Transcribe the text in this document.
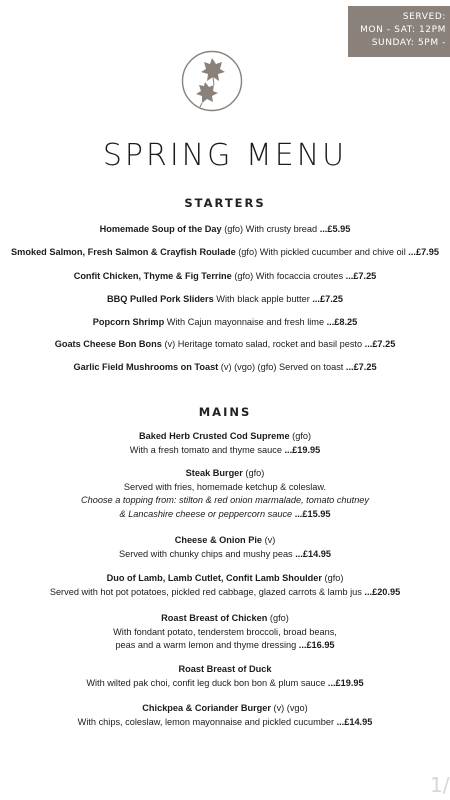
SERVED:
MON - SAT: 12PM
SUNDAY: 5PM -
SPRING MENU
STARTERS
Homemade Soup of the Day (gfo) With crusty bread ...£5.95
Smoked Salmon, Fresh Salmon & Crayfish Roulade (gfo) With pickled cucumber and chive oil ...£7.95
Confit Chicken, Thyme & Fig Terrine (gfo) With focaccia croutes ...£7.25
BBQ Pulled Pork Sliders With black apple butter ...£7.25
Popcorn Shrimp With Cajun mayonnaise and fresh lime ...£8.25
Goats Cheese Bon Bons (v) Heritage tomato salad, rocket and basil pesto ...£7.25
Garlic Field Mushrooms on Toast (v) (vgo) (gfo) Served on toast ...£7.25
MAINS
Baked Herb Crusted Cod Supreme (gfo)
With a fresh tomato and thyme sauce ...£19.95
Steak Burger (gfo)
Served with fries, homemade ketchup & coleslaw.
Choose a topping from: stilton & red onion marmalade, tomato chutney
& Lancashire cheese or peppercorn sauce ...£15.95
Cheese & Onion Pie (v)
Served with chunky chips and mushy peas ...£14.95
Duo of Lamb, Lamb Cutlet, Confit Lamb Shoulder (gfo)
Served with hot pot potatoes, pickled red cabbage, glazed carrots & lamb jus ...£20.95
Roast Breast of Chicken (gfo)
With fondant potato, tenderstem broccoli, broad beans,
peas and a warm lemon and thyme dressing ...£16.95
Roast Breast of Duck
With wilted pak choi, confit leg duck bon bon & plum sauce ...£19.95
Chickpea & Coriander Burger (v) (vgo)
With chips, coleslaw, lemon mayonnaise and pickled cucumber ...£14.95
1/
